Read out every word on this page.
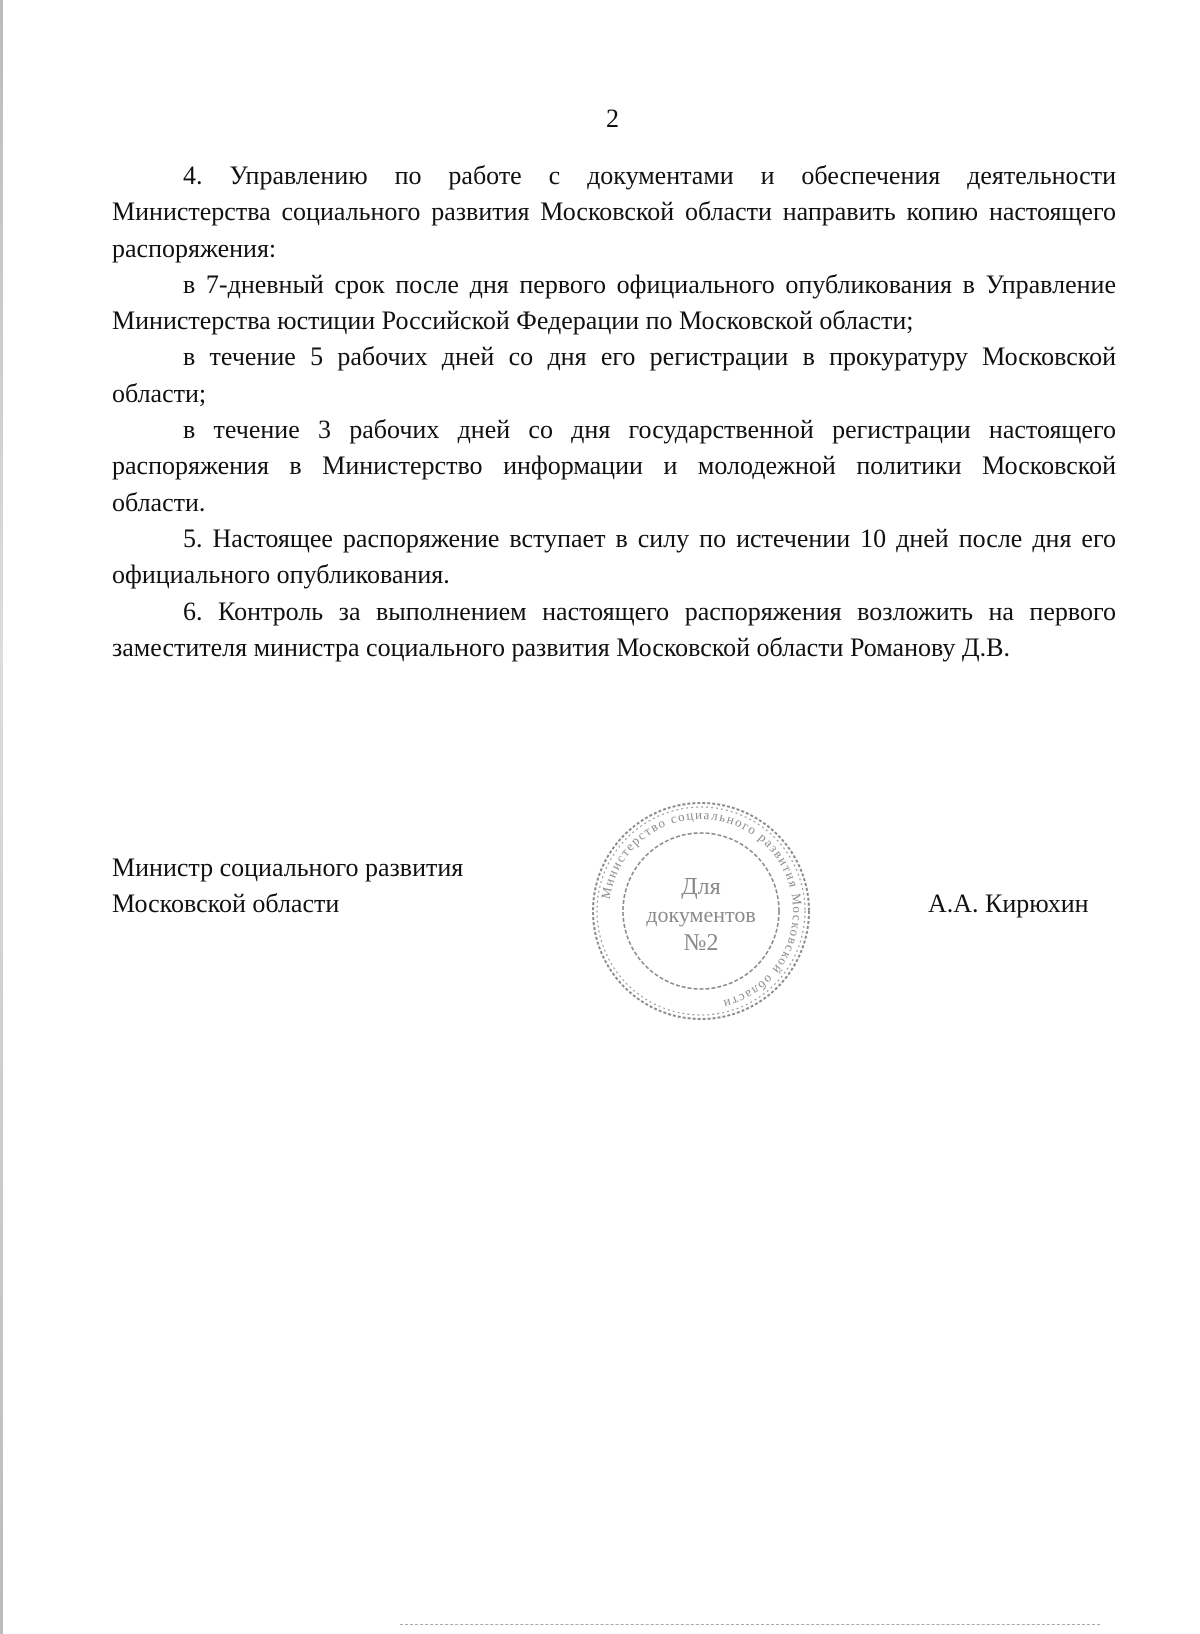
2

4. Управлению по работе с документами и обеспечения деятельности Министерства социального развития Московской области направить копию настоящего распоряжения:

в 7-дневный срок после дня первого официального опубликования в Управление Министерства юстиции Российской Федерации по Московской области;

в течение 5 рабочих дней со дня его регистрации в прокуратуру Московской области;

в течение 3 рабочих дней со дня государственной регистрации настоящего распоряжения в Министерство информации и молодежной политики Московской области.

5. Настоящее распоряжение вступает в силу по истечении 10 дней после дня его официального опубликования.

6. Контроль за выполнением настоящего распоряжения возложить на первого заместителя министра социального развития Московской области Романову Д.В.

Министр социального развития
Московской области	Министерство социального развития Московской области
Для
документов
№2
А.А. Кирюхин
